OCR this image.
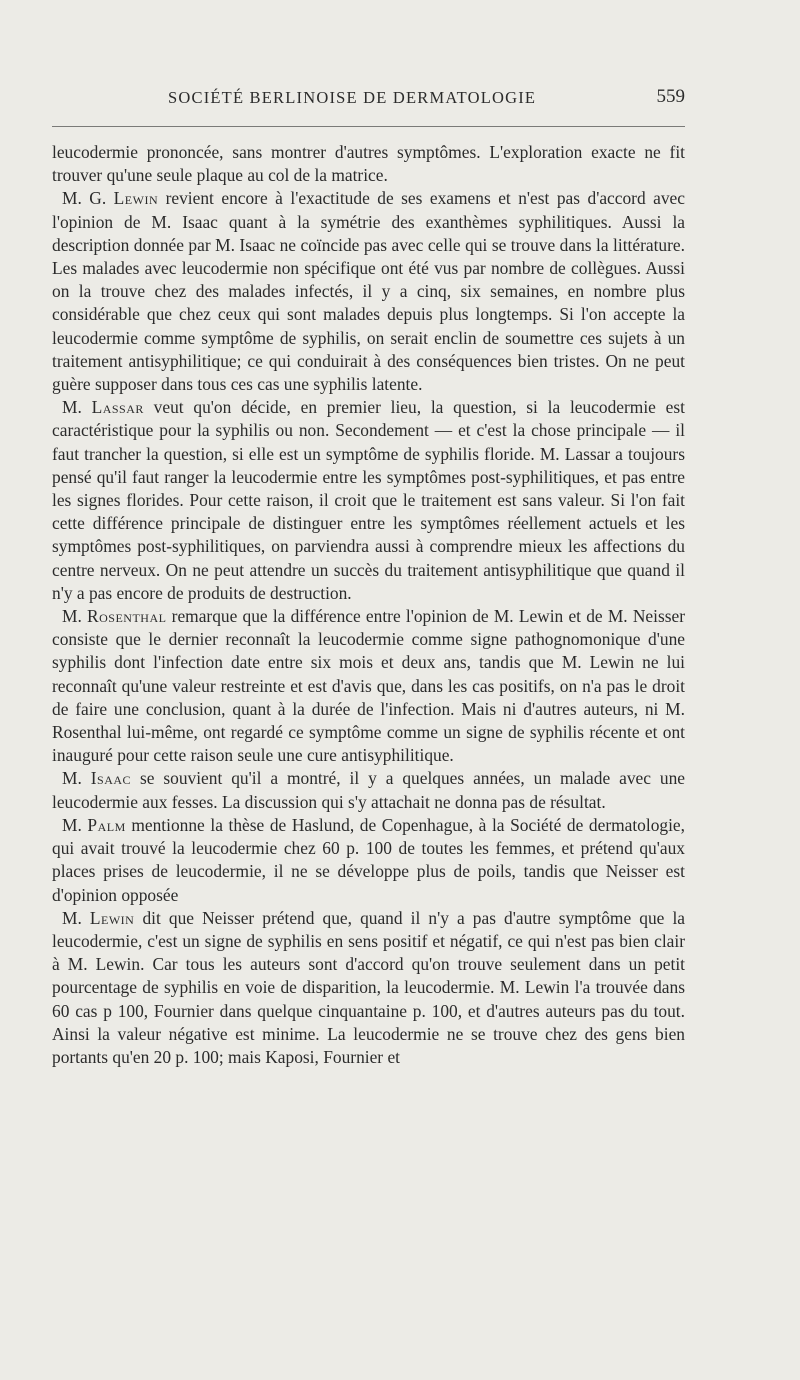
SOCIÉTÉ BERLINOISE DE DERMATOLOGIE	559

leucodermie prononcée, sans montrer d'autres symptômes. L'exploration exacte ne fit trouver qu'une seule plaque au col de la matrice.

M. G. Lewin revient encore à l'exactitude de ses examens et n'est pas d'accord avec l'opinion de M. Isaac quant à la symétrie des exanthèmes syphilitiques. Aussi la description donnée par M. Isaac ne coïncide pas avec celle qui se trouve dans la littérature. Les malades avec leucodermie non spécifique ont été vus par nombre de collègues. Aussi on la trouve chez des malades infectés, il y a cinq, six semaines, en nombre plus considérable que chez ceux qui sont malades depuis plus longtemps. Si l'on accepte la leucodermie comme symptôme de syphilis, on serait enclin de soumettre ces sujets à un traitement antisyphilitique; ce qui conduirait à des conséquences bien tristes. On ne peut guère supposer dans tous ces cas une syphilis latente.

M. Lassar veut qu'on décide, en premier lieu, la question, si la leucodermie est caractéristique pour la syphilis ou non. Secondement — et c'est la chose principale — il faut trancher la question, si elle est un symptôme de syphilis floride. M. Lassar a toujours pensé qu'il faut ranger la leucodermie entre les symptômes post-syphilitiques, et pas entre les signes florides. Pour cette raison, il croit que le traitement est sans valeur. Si l'on fait cette différence principale de distinguer entre les symptômes réellement actuels et les symptômes post-syphilitiques, on parviendra aussi à comprendre mieux les affections du centre nerveux. On ne peut attendre un succès du traitement antisyphilitique que quand il n'y a pas encore de produits de destruction.

M. Rosenthal remarque que la différence entre l'opinion de M. Lewin et de M. Neisser consiste que le dernier reconnaît la leucodermie comme signe pathognomonique d'une syphilis dont l'infection date entre six mois et deux ans, tandis que M. Lewin ne lui reconnaît qu'une valeur restreinte et est d'avis que, dans les cas positifs, on n'a pas le droit de faire une conclusion, quant à la durée de l'infection. Mais ni d'autres auteurs, ni M. Rosenthal lui-même, ont regardé ce symptôme comme un signe de syphilis récente et ont inauguré pour cette raison seule une cure antisyphilitique.

M. Isaac se souvient qu'il a montré, il y a quelques années, un malade avec une leucodermie aux fesses. La discussion qui s'y attachait ne donna pas de résultat.

M. Palm mentionne la thèse de Haslund, de Copenhague, à la Société de dermatologie, qui avait trouvé la leucodermie chez 60 p. 100 de toutes les femmes, et prétend qu'aux places prises de leucodermie, il ne se développe plus de poils, tandis que Neisser est d'opinion opposée

M. Lewin dit que Neisser prétend que, quand il n'y a pas d'autre symptôme que la leucodermie, c'est un signe de syphilis en sens positif et négatif, ce qui n'est pas bien clair à M. Lewin. Car tous les auteurs sont d'accord qu'on trouve seulement dans un petit pourcentage de syphilis en voie de disparition, la leucodermie. M. Lewin l'a trouvée dans 60 cas p 100, Fournier dans quelque cinquantaine p. 100, et d'autres auteurs pas du tout. Ainsi la valeur négative est minime. La leucodermie ne se trouve chez des gens bien portants qu'en 20 p. 100; mais Kaposi, Fournier et
